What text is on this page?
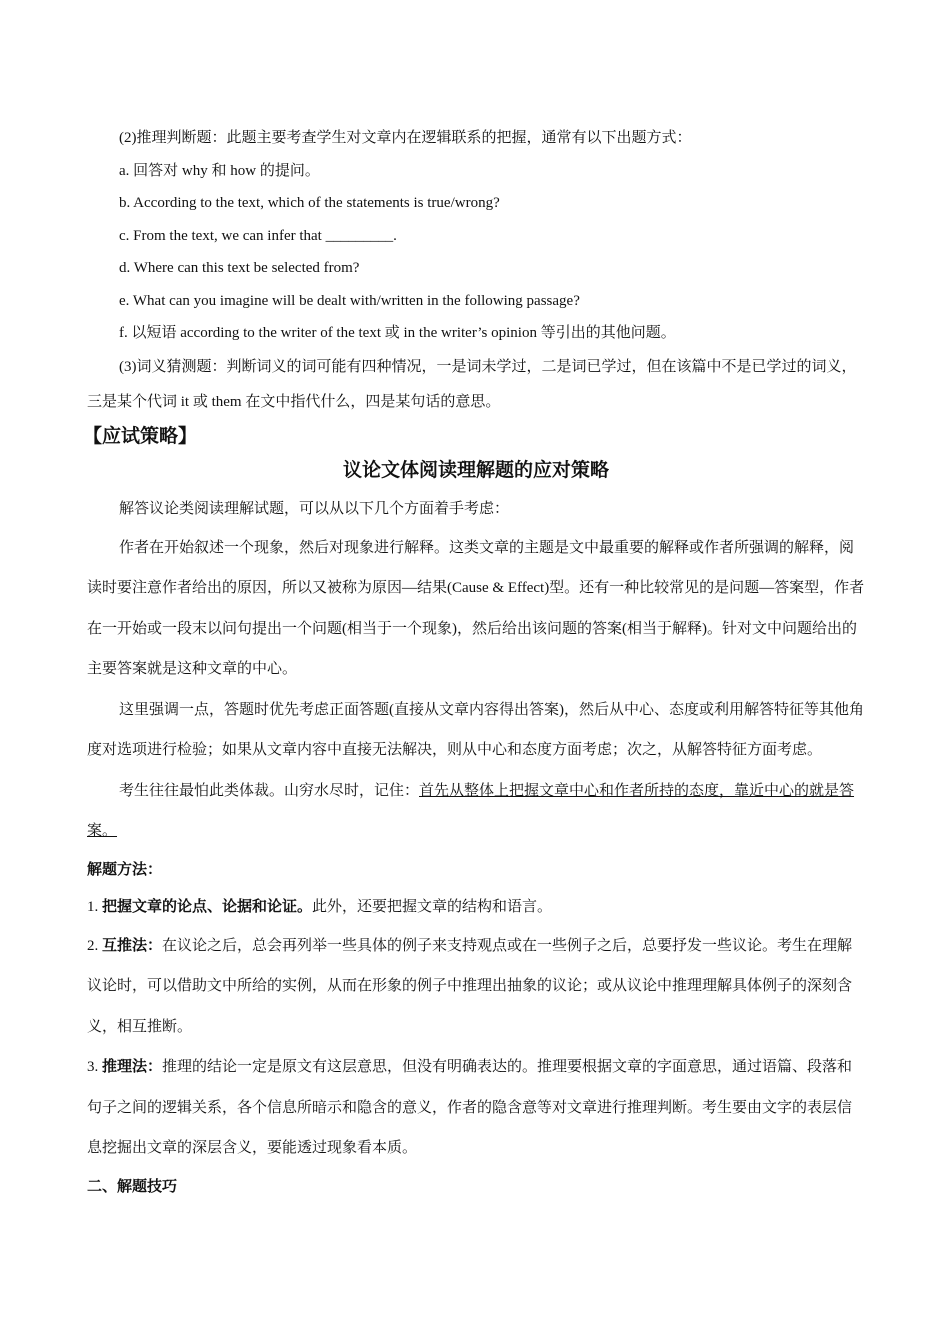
(2)推理判断题：此题主要考查学生对文章内在逻辑联系的把握，通常有以下出题方式：

a. 回答对 why 和 how 的提问。

b. According to the text, which of the statements is true/wrong?

c. From the text, we can infer that _________.

d. Where can this text be selected from?

e. What can you imagine will be dealt with/written in the following passage?

f. 以短语 according to the writer of the text 或 in the writer’s opinion 等引出的其他问题。

(3)词义猜测题：判断词义的词可能有四种情况，一是词未学过，二是词已学过，但在该篇中不是已学过的词义，三是某个代词 it 或 them 在文中指代什么，四是某句话的意思。

【应试策略】

议论文体阅读理解题的应对策略

解答议论类阅读理解试题，可以从以下几个方面着手考虑：

作者在开始叙述一个现象，然后对现象进行解释。这类文章的主题是文中最重要的解释或作者所强调的解释，阅读时要注意作者给出的原因，所以又被称为原因—结果(Cause & Effect)型。还有一种比较常见的是问题—答案型，作者在一开始或一段末以问句提出一个问题(相当于一个现象)，然后给出该问题的答案(相当于解释)。针对文中问题给出的主要答案就是这种文章的中心。

这里强调一点，答题时优先考虑正面答题(直接从文章内容得出答案)，然后从中心、态度或利用解答特征等其他角度对选项进行检验；如果从文章内容中直接无法解决，则从中心和态度方面考虑；次之，从解答特征方面考虑。

考生往往最怕此类体裁。山穷水尽时，记住：首先从整体上把握文章中心和作者所持的态度，靠近中心的就是答案。

解题方法：

1. 把握文章的论点、论据和论证。此外，还要把握文章的结构和语言。

2. 互推法：在议论之后，总会再列举一些具体的例子来支持观点或在一些例子之后，总要抒发一些议论。考生在理解议论时，可以借助文中所给的实例，从而在形象的例子中推理出抽象的议论；或从议论中推理理解具体例子的深刻含义，相互推断。

3. 推理法：推理的结论一定是原文有这层意思，但没有明确表达的。推理要根据文章的字面意思，通过语篇、段落和句子之间的逻辑关系，各个信息所暗示和隐含的意义，作者的隐含意等对文章进行推理判断。考生要由文字的表层信息挖掘出文章的深层含义，要能透过现象看本质。

二、解题技巧
